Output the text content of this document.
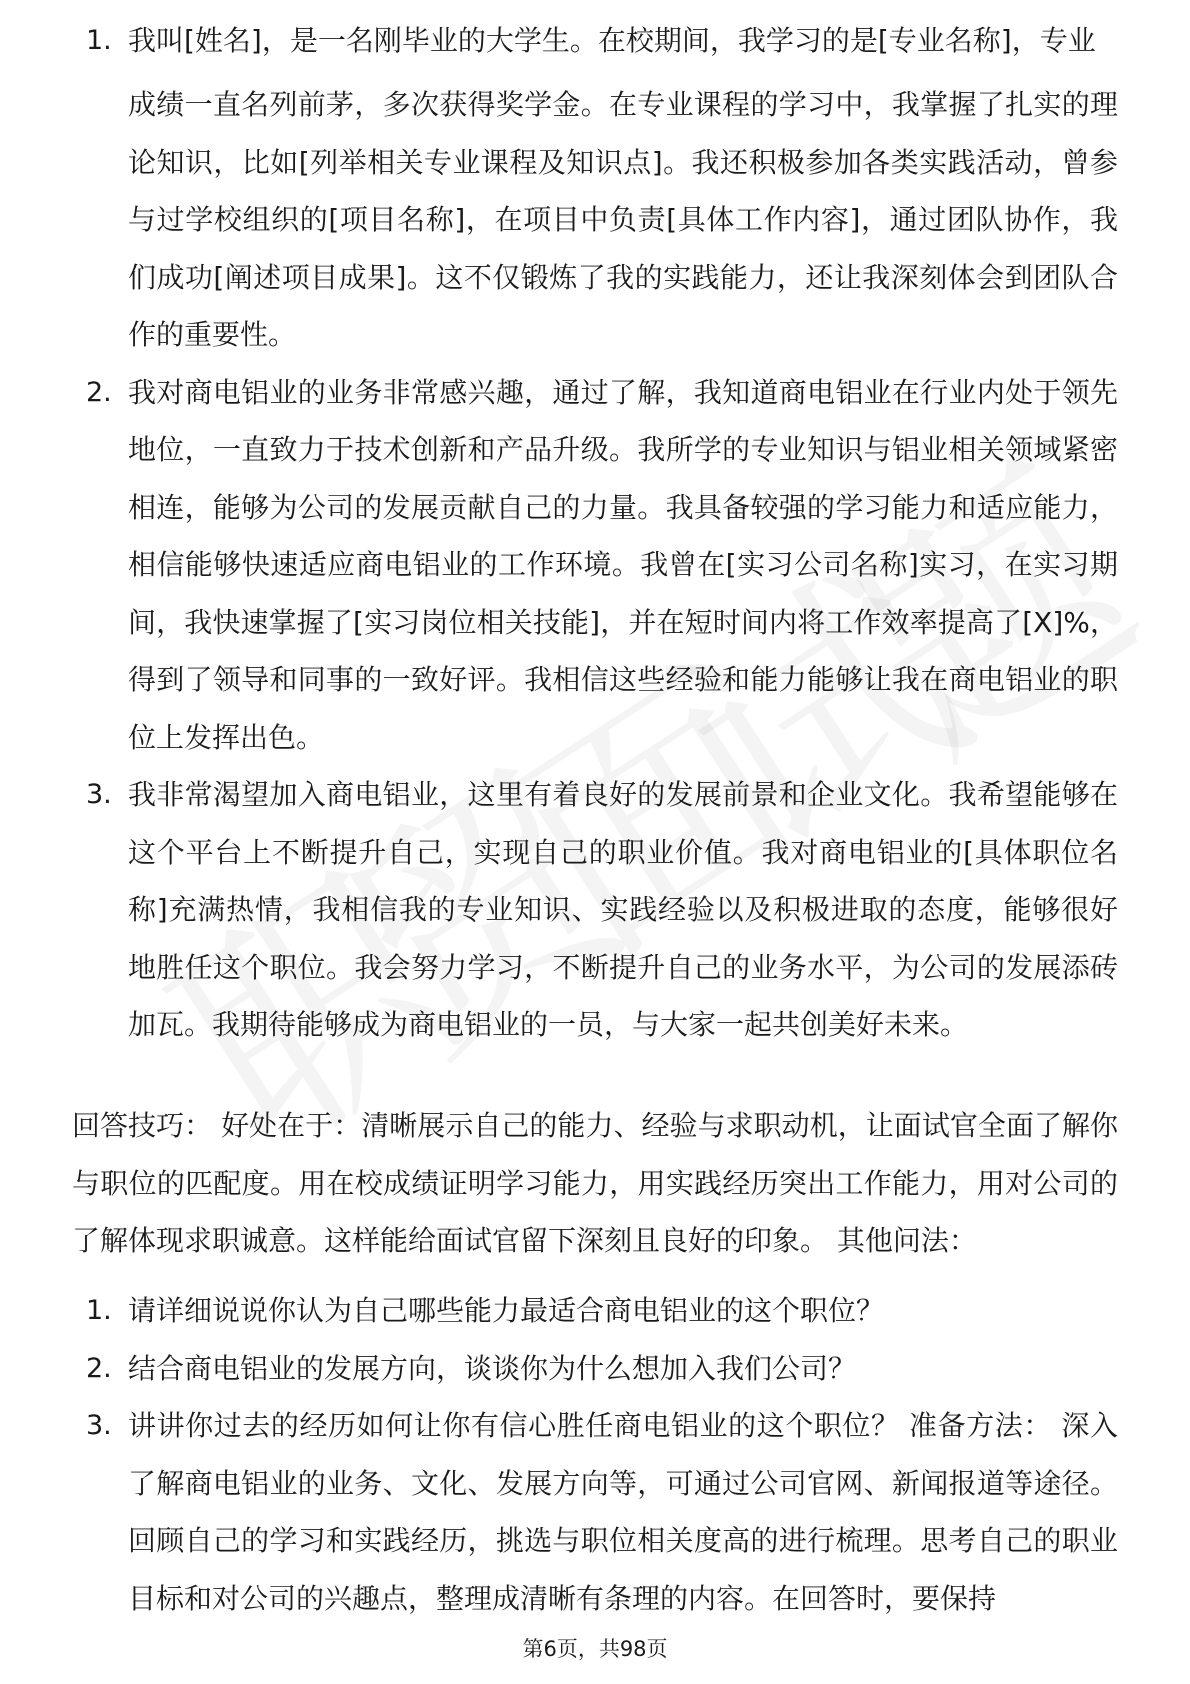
1. 我叫[姓名]，是一名刚毕业的大学生。在校期间，我学习的是[专业名称]，专业
成绩一直名列前茅，多次获得奖学金。在专业课程的学习中，我掌握了扎实的理论知识，比如[列举相关专业课程及知识点]。我还积极参加各类实践活动，曾参与过学校组织的[项目名称]，在项目中负责[具体工作内容]，通过团队协作，我们成功[阐述项目成果]。这不仅锻炼了我的实践能力，还让我深刻体会到团队合作的重要性。
2. 我对商电铝业的业务非常感兴趣，通过了解，我知道商电铝业在行业内处于领先地位，一直致力于技术创新和产品升级。我所学的专业知识与铝业相关领域紧密相连，能够为公司的发展贡献自己的力量。我具备较强的学习能力和适应能力，相信能够快速适应商电铝业的工作环境。我曾在[实习公司名称]实习，在实习期间，我快速掌握了[实习岗位相关技能]，并在短时间内将工作效率提高了[X]%，得到了领导和同事的一致好评。我相信这些经验和能力能够让我在商电铝业的职位上发挥出色。
3. 我非常渴望加入商电铝业，这里有着良好的发展前景和企业文化。我希望能够在这个平台上不断提升自己，实现自己的职业价值。我对商电铝业的[具体职位名称]充满热情，我相信我的专业知识、实践经验以及积极进取的态度，能够很好地胜任这个职位。我会努力学习，不断提升自己的业务水平，为公司的发展添砖加瓦。我期待能够成为商电铝业的一员，与大家一起共创美好未来。
回答技巧： 好处在于：清晰展示自己的能力、经验与求职动机，让面试官全面了解你与职位的匹配度。用在校成绩证明学习能力，用实践经历突出工作能力，用对公司的了解体现求职诚意。这样能给面试官留下深刻且良好的印象。 其他问法：
1. 请详细说说你认为自己哪些能力最适合商电铝业的这个职位？
2. 结合商电铝业的发展方向，谈谈你为什么想加入我们公司？
3. 讲讲你过去的经历如何让你有信心胜任商电铝业的这个职位？ 准备方法： 深入了解商电铝业的业务、文化、发展方向等，可通过公司官网、新闻报道等途径。回顾自己的学习和实践经历，挑选与职位相关度高的进行梳理。思考自己的职业目标和对公司的兴趣点，整理成清晰有条理的内容。在回答时，要保持
第6页，共98页
